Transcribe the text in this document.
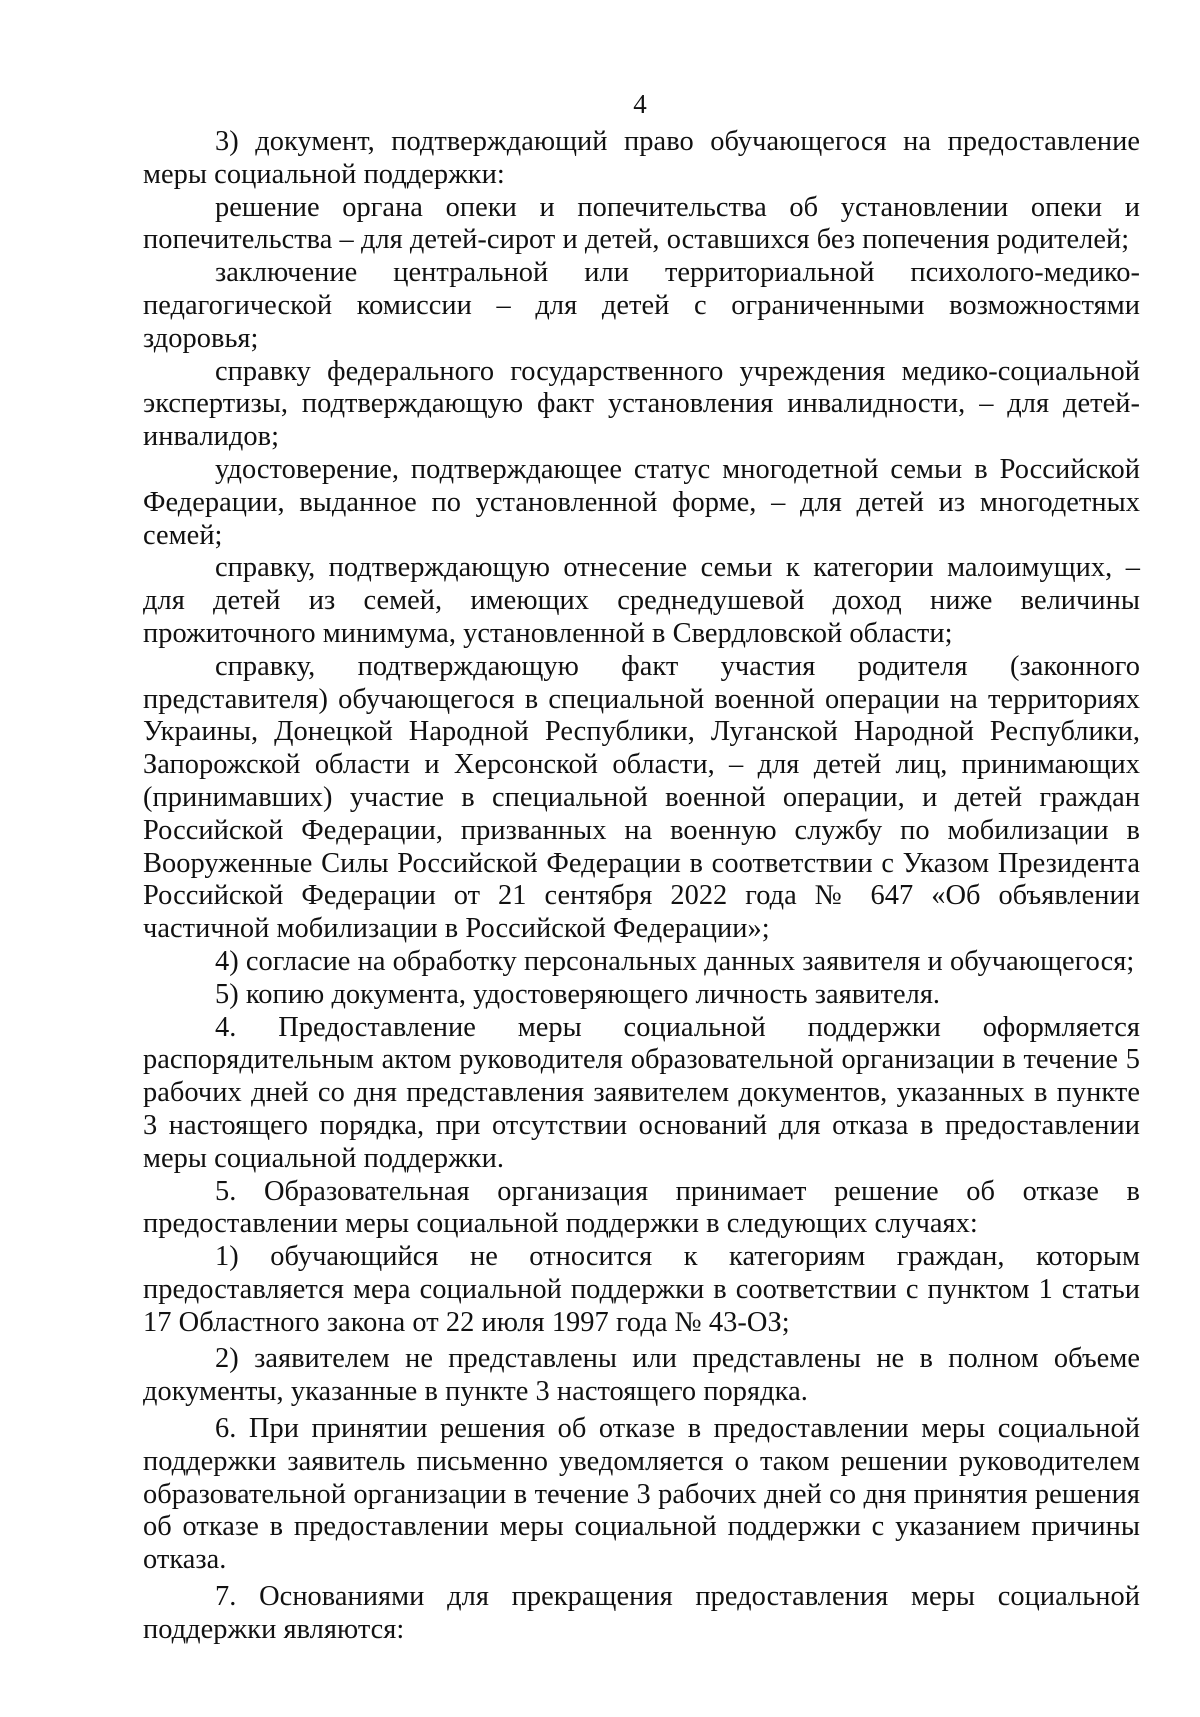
4

3) документ, подтверждающий право обучающегося на предоставление меры социальной поддержки:

решение органа опеки и попечительства об установлении опеки и попечительства – для детей-сирот и детей, оставшихся без попечения родителей;

заключение центральной или территориальной психолого-медико-педагогической комиссии – для детей с ограниченными возможностями здоровья;

справку федерального государственного учреждения медико-социальной экспертизы, подтверждающую факт установления инвалидности, – для детей-инвалидов;

удостоверение, подтверждающее статус многодетной семьи в Российской Федерации, выданное по установленной форме, – для детей из многодетных семей;

справку, подтверждающую отнесение семьи к категории малоимущих, – для детей из семей, имеющих среднедушевой доход ниже величины прожиточного минимума, установленной в Свердловской области;

справку, подтверждающую факт участия родителя (законного представителя) обучающегося в специальной военной операции на территориях Украины, Донецкой Народной Республики, Луганской Народной Республики, Запорожской области и Херсонской области, – для детей лиц, принимающих (принимавших) участие в специальной военной операции, и детей граждан Российской Федерации, призванных на военную службу по мобилизации в Вооруженные Силы Российской Федерации в соответствии с Указом Президента Российской Федерации от 21 сентября 2022 года № 647 «Об объявлении частичной мобилизации в Российской Федерации»;

4) согласие на обработку персональных данных заявителя и обучающегося;

5) копию документа, удостоверяющего личность заявителя.

4. Предоставление меры социальной поддержки оформляется распорядительным актом руководителя образовательной организации в течение 5 рабочих дней со дня представления заявителем документов, указанных в пункте 3 настоящего порядка, при отсутствии оснований для отказа в предоставлении меры социальной поддержки.

5. Образовательная организация принимает решение об отказе в предоставлении меры социальной поддержки в следующих случаях:

1) обучающийся не относится к категориям граждан, которым предоставляется мера социальной поддержки в соответствии с пунктом 1 статьи 17 Областного закона от 22 июля 1997 года № 43-ОЗ;

2) заявителем не представлены или представлены не в полном объеме документы, указанные в пункте 3 настоящего порядка.

6. При принятии решения об отказе в предоставлении меры социальной поддержки заявитель письменно уведомляется о таком решении руководителем образовательной организации в течение 3 рабочих дней со дня принятия решения об отказе в предоставлении меры социальной поддержки с указанием причины отказа.

7. Основаниями для прекращения предоставления меры социальной поддержки являются:
